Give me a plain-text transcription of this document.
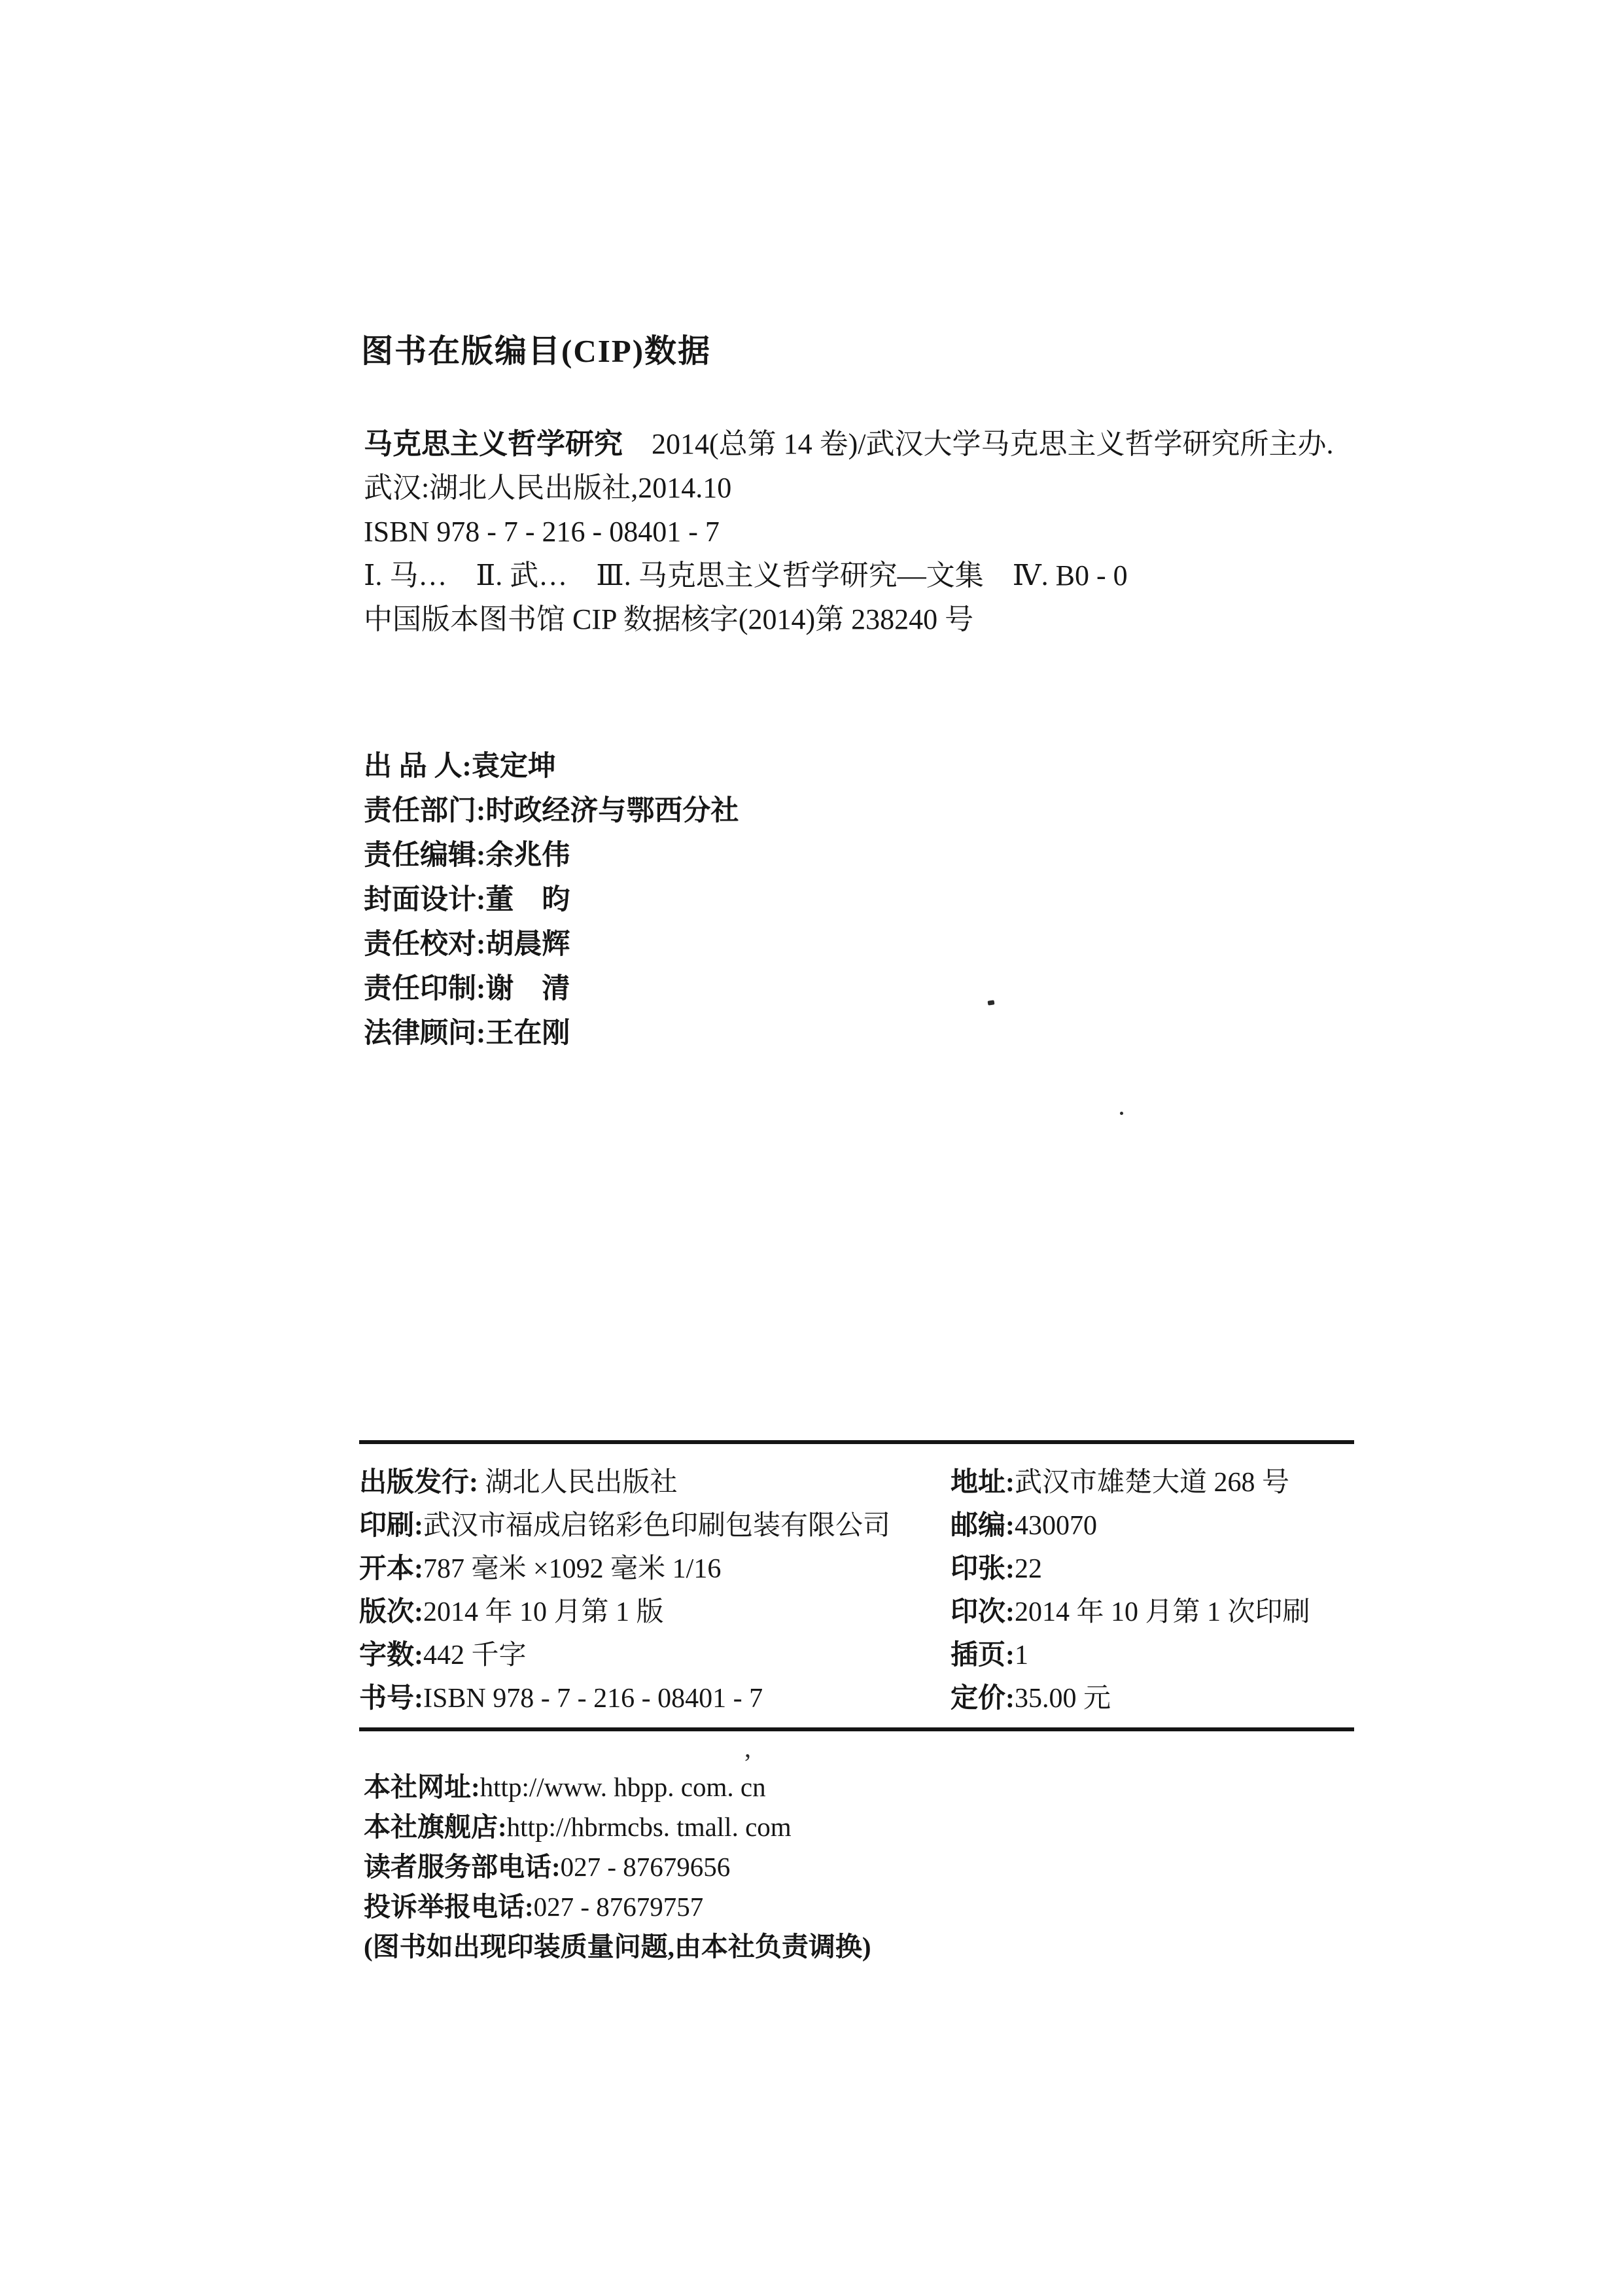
图书在版编目(CIP)数据
马克思主义哲学研究　2014(总第 14 卷)/武汉大学马克思主义哲学研究所主办.
武汉:湖北人民出版社,2014.10
ISBN 978 - 7 - 216 - 08401 - 7
Ⅰ. 马…　Ⅱ. 武…　Ⅲ. 马克思主义哲学研究—文集　Ⅳ. B0 - 0
中国版本图书馆 CIP 数据核字(2014)第 238240 号
出 品 人:袁定坤
责任部门:时政经济与鄂西分社
责任编辑:余兆伟
封面设计:董　昀
责任校对:胡晨辉
责任印制:谢　清
法律顾问:王在刚
出版发行: 湖北人民出版社	地址:武汉市雄楚大道 268 号
印刷:武汉市福成启铭彩色印刷包装有限公司	邮编:430070
开本:787 毫米 ×1092 毫米 1/16	印张:22
版次:2014 年 10 月第 1 版	印次:2014 年 10 月第 1 次印刷
字数:442 千字	插页:1
书号:ISBN 978 - 7 - 216 - 08401 - 7	定价:35.00 元
本社网址:http://www. hbpp. com. cn
本社旗舰店:http://hbrmcbs. tmall. com
读者服务部电话:027 - 87679656
投诉举报电话:027 - 87679757
(图书如出现印装质量问题,由本社负责调换)
,
